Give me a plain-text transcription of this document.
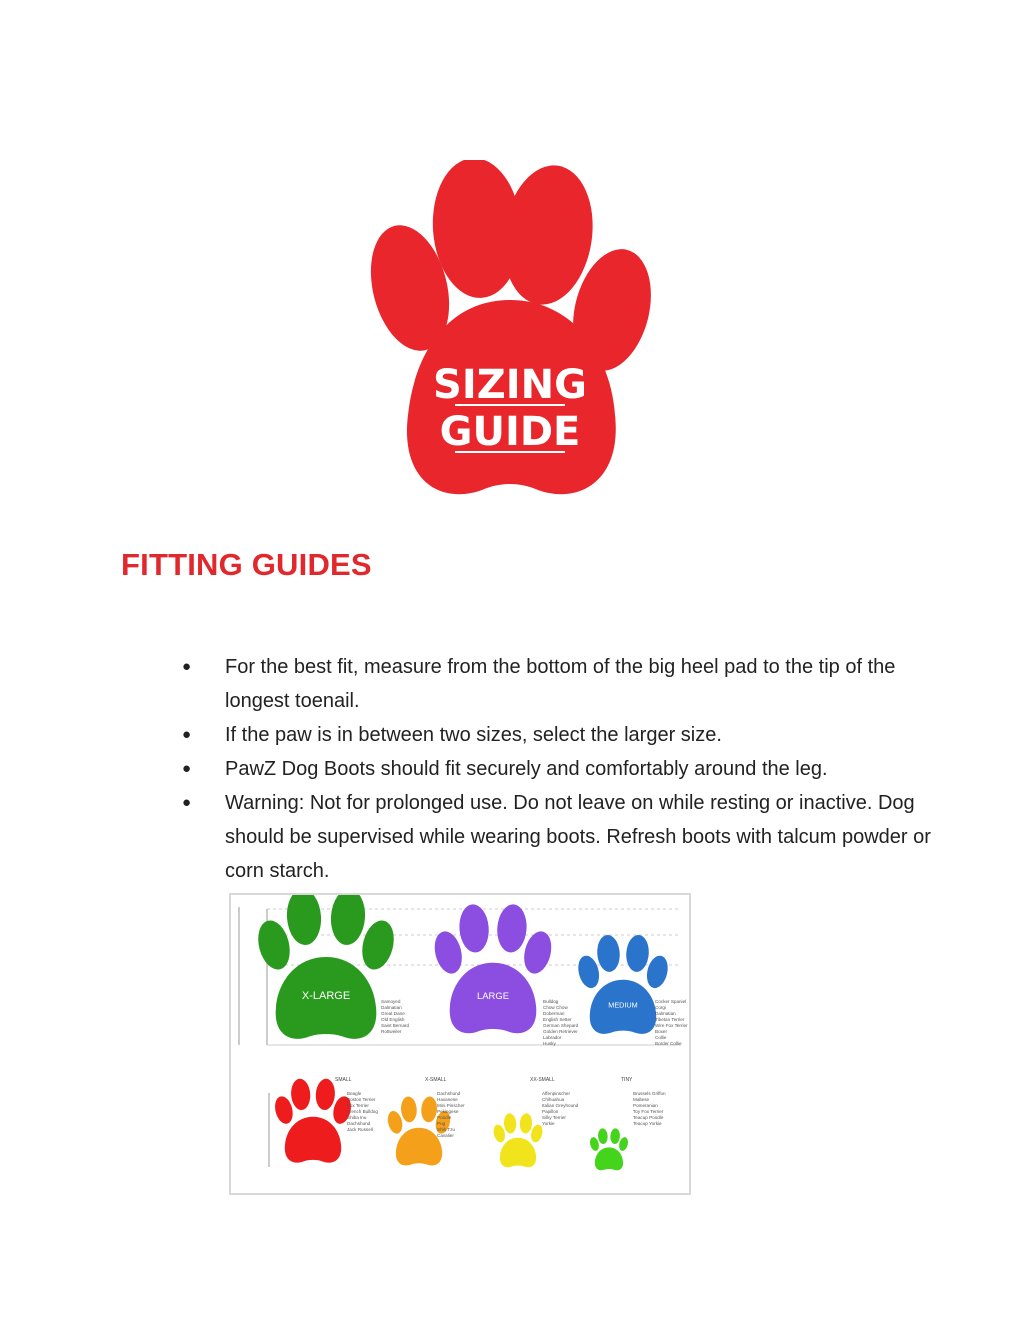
SIZING
GUIDE
FITTING GUIDES
● For the best fit, measure from the bottom of the big heel pad to the tip of the longest toenail.
● If the paw is in between two sizes, select the larger size.
● PawZ Dog Boots should fit securely and comfortably around the leg.
● Warning: Not for prolonged use. Do not leave on while resting or inactive. Dog should be supervised while wearing boots. Refresh boots with talcum powder or corn starch.
X-LARGE	Samoyed
Dalmatian
Great Dane
Old English
Saint Bernard
Rottweiler
LARGE	Bulldog
Chow Chow
Doberman
English Setter
German Shepard
Golden Retriever
Labrador
Husky
MEDIUM	Cocker Spaniel
Corgi
Dalmatian
Tibetan Terrier
Wire Fox Terrier
Boxer
Collie
Border Collie
SMALL
Beagle
Boston Terrier
Fox Terrier
French Bulldog
Shiba Inu
Dachshund
Jack Russell
X-SMALL
Dachshund
Havanese
Mini Pinscher
Pekingese
Poodle
Pug
Shih Tzu
Cavalier
XX-SMALL
Affenpinscher
Chihuahua
Italian Greyhound
Papillon
Silky Terrier
Yorkie
TINY
Brussels Griffon
Maltese
Pomeranian
Toy Fox Terrier
Teacup Poodle
Teacup Yorkie
